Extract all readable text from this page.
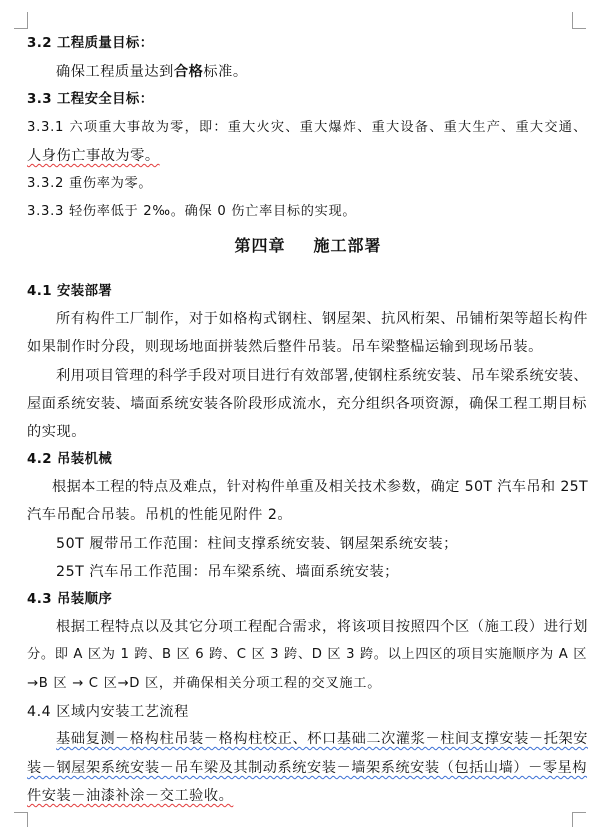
3.2 工程质量目标：
确保工程质量达到合格标准。
3.3 工程安全目标：
3.3.1 六项重大事故为零，即：重大火灾、重大爆炸、重大设备、重大生产、重大交通、
人身伤亡事故为零。
3.3.2 重伤率为零。
3.3.3 轻伤率低于 2‰。确保 0 伤亡率目标的实现。
第四章 施工部署
4.1 安装部署
所有构件工厂制作，对于如格构式钢柱、钢屋架、抗风桁架、吊铺桁架等超长构件
如果制作时分段，则现场地面拼装然后整件吊装。吊车梁整榀运输到现场吊装。
利用项目管理的科学手段对项目进行有效部署,使钢柱系统安装、吊车梁系统安装、
屋面系统安装、墙面系统安装各阶段形成流水，充分组织各项资源，确保工程工期目标
的实现。
4.2 吊装机械
根据本工程的特点及难点，针对构件单重及相关技术参数，确定 50T 汽车吊和 25T
汽车吊配合吊装。吊机的性能见附件 2。
50T 履带吊工作范围：柱间支撑系统安装、钢屋架系统安装；
25T 汽车吊工作范围：吊车梁系统、墙面系统安装；
4.3 吊装顺序
根据工程特点以及其它分项工程配合需求，将该项目按照四个区（施工段）进行划
分。即 A 区为 1 跨、B 区 6 跨、C 区 3 跨、D 区 3 跨。以上四区的项目实施顺序为 A 区
→B 区 → C 区→D 区，并确保相关分项工程的交叉施工。
4.4 区域内安装工艺流程
基础复测－格构柱吊装－格构柱校正、杯口基础二次灌浆－柱间支撑安装－托架安
装－钢屋架系统安装－吊车梁及其制动系统安装－墙架系统安装（包括山墙）－零星构
件安装－油漆补涂－交工验收。
